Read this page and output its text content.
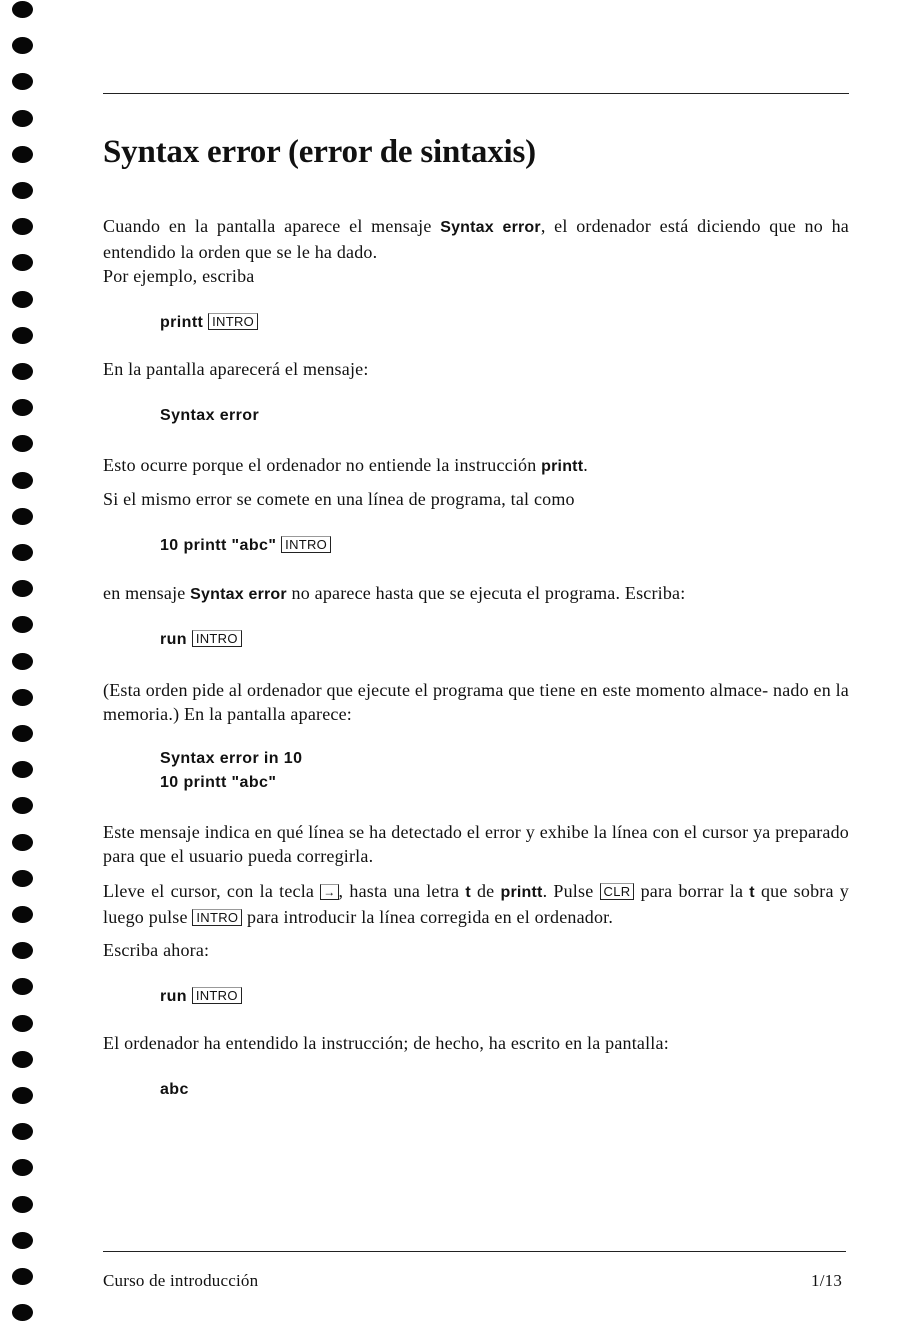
Syntax error (error de sintaxis)

Cuando en la pantalla aparece el mensaje Syntax error, el ordenador está diciendo que no ha entendido la orden que se le ha dado.
Por ejemplo, escriba

printt INTRO

En la pantalla aparecerá el mensaje:

Syntax error

Esto ocurre porque el ordenador no entiende la instrucción printt.

Si el mismo error se comete en una línea de programa, tal como

10 printt "abc" INTRO

en mensaje Syntax error no aparece hasta que se ejecuta el programa. Escriba:

run INTRO

(Esta orden pide al ordenador que ejecute el programa que tiene en este momento almace- nado en la memoria.) En la pantalla aparece:

Syntax error in 10
10 printt "abc"

Este mensaje indica en qué línea se ha detectado el error y exhibe la línea con el cursor ya preparado para que el usuario pueda corregirla.

Lleve el cursor, con la tecla → , hasta una letra t de printt. Pulse CLR para borrar la t que sobra y luego pulse INTRO para introducir la línea corregida en el ordenador.

Escriba ahora:

run INTRO

El ordenador ha entendido la instrucción; de hecho, ha escrito en la pantalla:

abc

Curso de introducción	1/13
